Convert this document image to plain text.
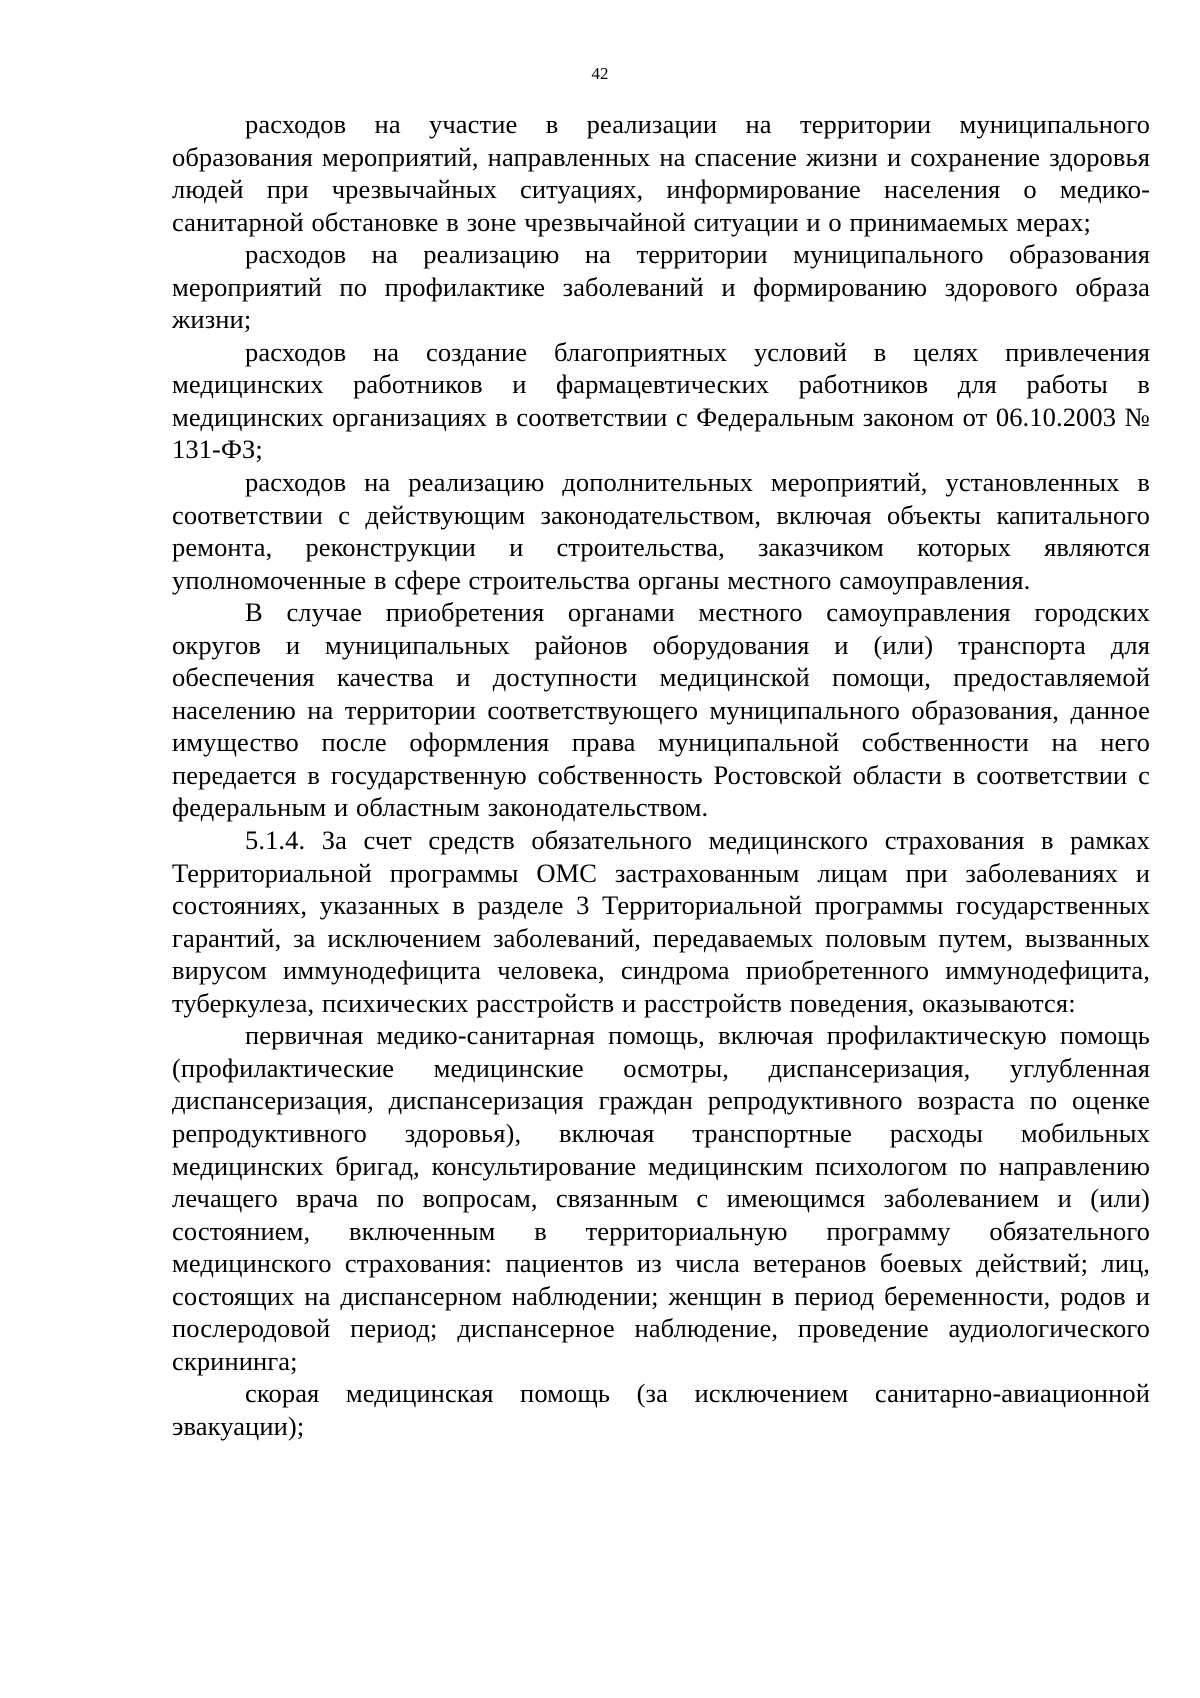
42

расходов на участие в реализации на территории муниципального образования мероприятий, направленных на спасение жизни и сохранение здоровья людей при чрезвычайных ситуациях, информирование населения о медико-санитарной обстановке в зоне чрезвычайной ситуации и о принимаемых мерах;

расходов на реализацию на территории муниципального образования мероприятий по профилактике заболеваний и формированию здорового образа жизни;

расходов на создание благоприятных условий в целях привлечения медицинских работников и фармацевтических работников для работы в медицинских организациях в соответствии с Федеральным законом от 06.10.2003 № 131-ФЗ;

расходов на реализацию дополнительных мероприятий, установленных в соответствии с действующим законодательством, включая объекты капитального ремонта, реконструкции и строительства, заказчиком которых являются уполномоченные в сфере строительства органы местного самоуправления.

В случае приобретения органами местного самоуправления городских округов и муниципальных районов оборудования и (или) транспорта для обеспечения качества и доступности медицинской помощи, предоставляемой населению на территории соответствующего муниципального образования, данное имущество после оформления права муниципальной собственности на него передается в государственную собственность Ростовской области в соответствии с федеральным и областным законодательством.

5.1.4. За счет средств обязательного медицинского страхования в рамках Территориальной программы ОМС застрахованным лицам при заболеваниях и состояниях, указанных в разделе 3 Территориальной программы государственных гарантий, за исключением заболеваний, передаваемых половым путем, вызванных вирусом иммунодефицита человека, синдрома приобретенного иммунодефицита, туберкулеза, психических расстройств и расстройств поведения, оказываются:

первичная медико-санитарная помощь, включая профилактическую помощь (профилактические медицинские осмотры, диспансеризация, углубленная диспансеризация, диспансеризация граждан репродуктивного возраста по оценке репродуктивного здоровья), включая транспортные расходы мобильных медицинских бригад, консультирование медицинским психологом по направлению лечащего врача по вопросам, связанным с имеющимся заболеванием и (или) состоянием, включенным в территориальную программу обязательного медицинского страхования: пациентов из числа ветеранов боевых действий; лиц, состоящих на диспансерном наблюдении; женщин в период беременности, родов и послеродовой период; диспансерное наблюдение, проведение аудиологического скрининга;

скорая медицинская помощь (за исключением санитарно-авиационной эвакуации);
